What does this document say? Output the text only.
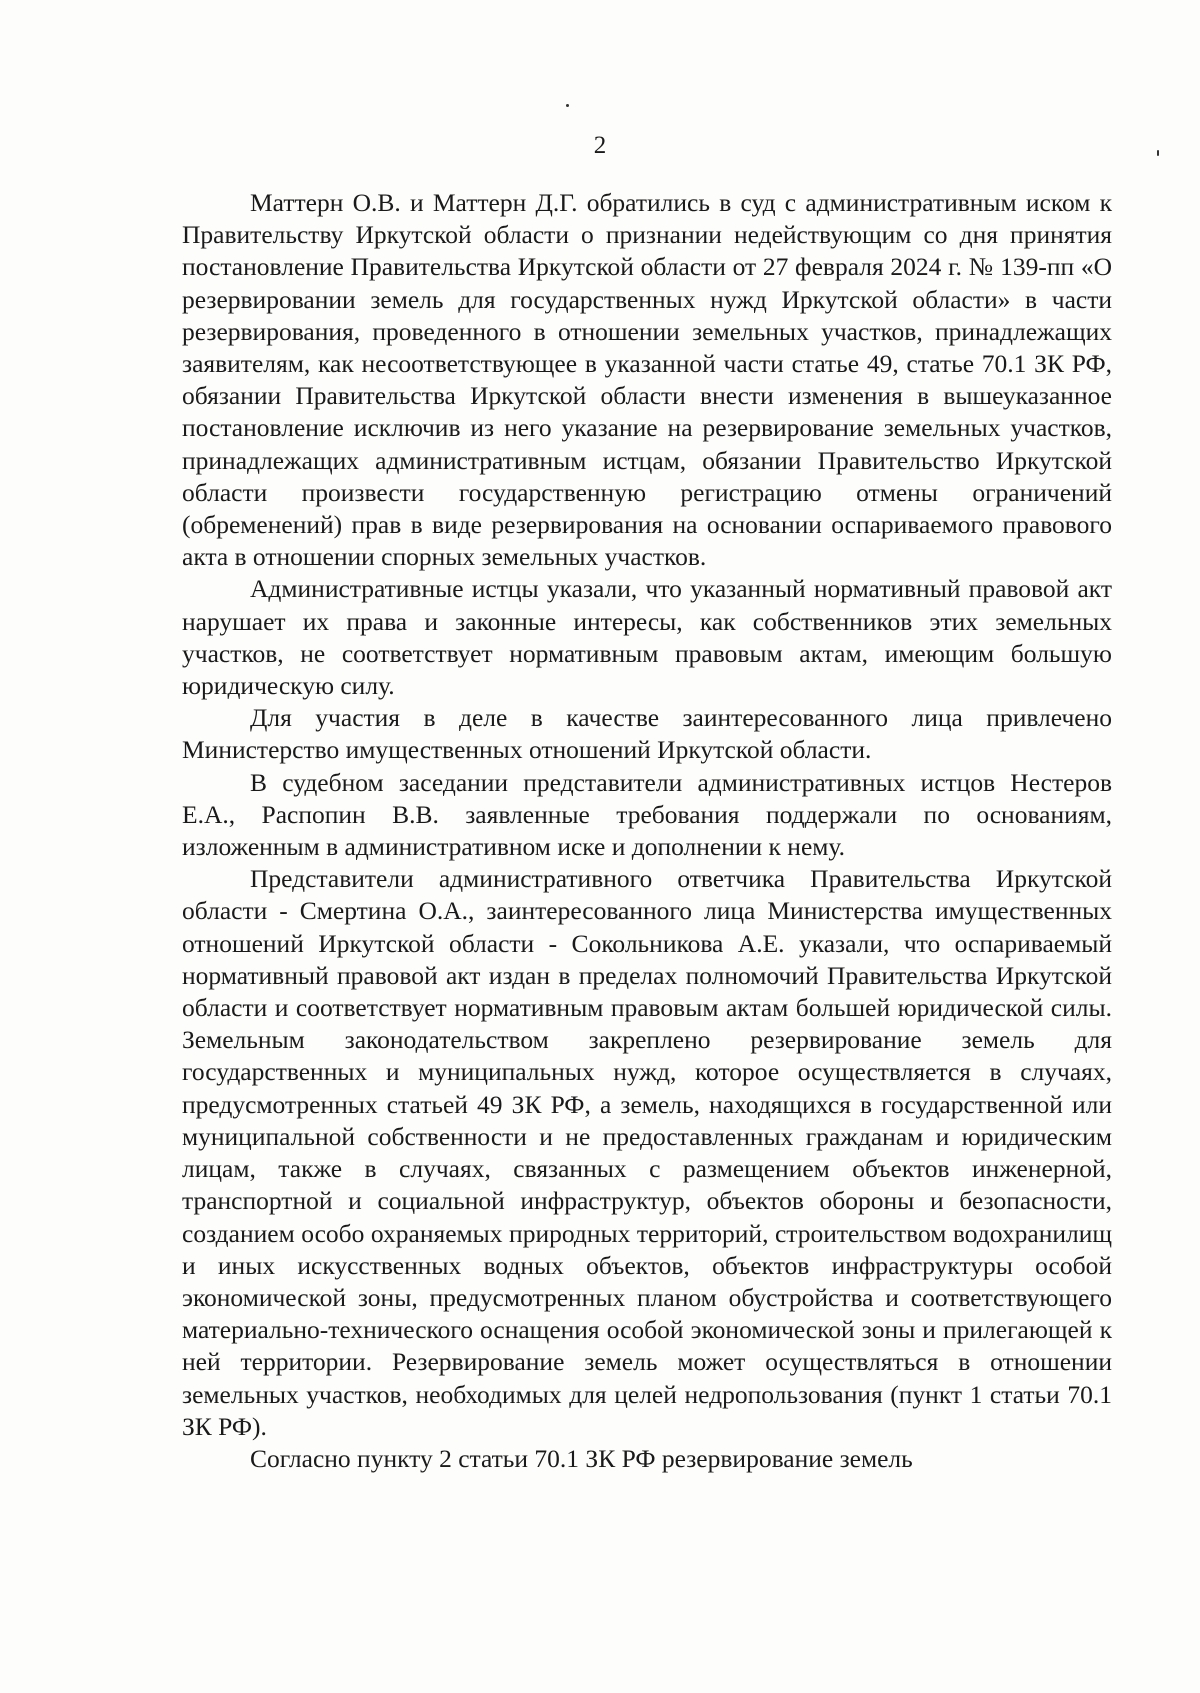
2

Маттерн О.В. и Маттерн Д.Г. обратились в суд с административным иском к Правительству Иркутской области о признании недействующим со дня принятия постановление Правительства Иркутской области от 27 февраля 2024 г. № 139-пп «О резервировании земель для государственных нужд Иркутской области» в части резервирования, проведенного в отношении земельных участков, принадлежащих заявителям, как несоответствующее в указанной части статье 49, статье 70.1 ЗК РФ, обязании Правительства Иркутской области внести изменения в вышеуказанное постановление исключив из него указание на резервирование земельных участков, принадлежащих административным истцам, обязании Правительство Иркутской области произвести государственную регистрацию отмены ограничений (обременений) прав в виде резервирования на основании оспариваемого правового акта в отношении спорных земельных участков.

Административные истцы указали, что указанный нормативный правовой акт нарушает их права и законные интересы, как собственников этих земельных участков, не соответствует нормативным правовым актам, имеющим большую юридическую силу.

Для участия в деле в качестве заинтересованного лица привлечено Министерство имущественных отношений Иркутской области.

В судебном заседании представители административных истцов Нестеров Е.А., Распопин В.В. заявленные требования поддержали по основаниям, изложенным в административном иске и дополнении к нему.

Представители административного ответчика Правительства Иркутской области - Смертина О.А., заинтересованного лица Министерства имущественных отношений Иркутской области - Сокольникова А.Е. указали, что оспариваемый нормативный правовой акт издан в пределах полномочий Правительства Иркутской области и соответствует нормативным правовым актам большей юридической силы. Земельным законодательством закреплено резервирование земель для государственных и муниципальных нужд, которое осуществляется в случаях, предусмотренных статьей 49 ЗК РФ, а земель, находящихся в государственной или муниципальной собственности и не предоставленных гражданам и юридическим лицам, также в случаях, связанных с размещением объектов инженерной, транспортной и социальной инфраструктур, объектов обороны и безопасности, созданием особо охраняемых природных территорий, строительством водохранилищ и иных искусственных водных объектов, объектов инфраструктуры особой экономической зоны, предусмотренных планом обустройства и соответствующего материально-технического оснащения особой экономической зоны и прилегающей к ней территории. Резервирование земель может осуществляться в отношении земельных участков, необходимых для целей недропользования (пункт 1 статьи 70.1 ЗК РФ).

Согласно пункту 2 статьи 70.1 ЗК РФ резервирование земель
